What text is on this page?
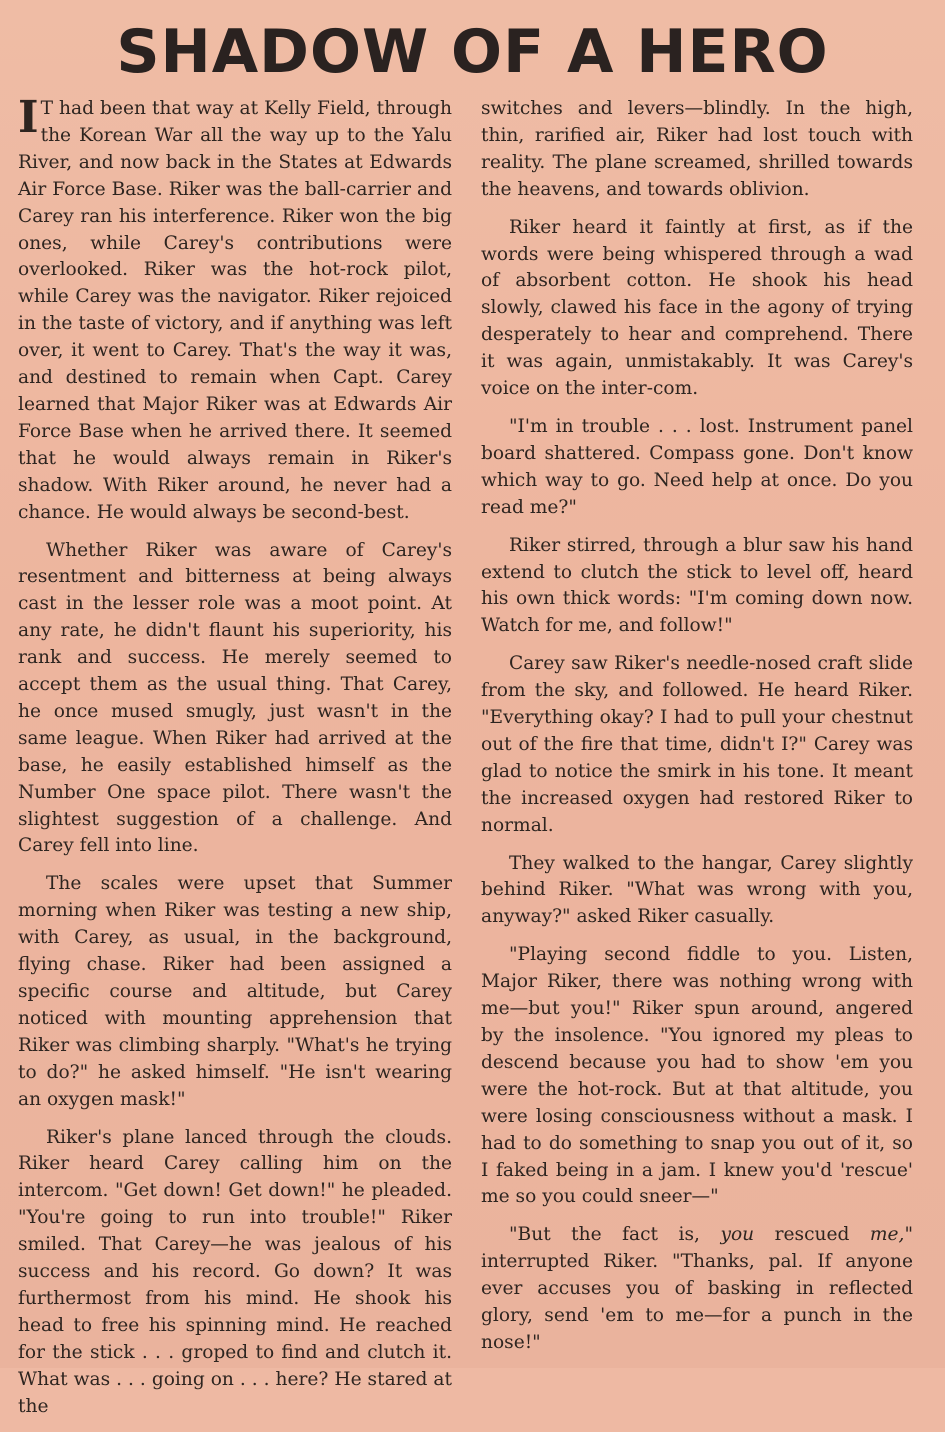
SHADOW OF A HERO

I T had been that way at Kelly Field, through the Korean War all the way up to the Yalu River, and now back in the States at Edwards Air Force Base. Riker was the ball-carrier and Carey ran his interference. Riker won the big ones, while Carey's contributions were overlooked. Riker was the hot-rock pilot, while Carey was the navigator. Riker rejoiced in the taste of victory, and if anything was left over, it went to Carey. That's the way it was, and destined to remain when Capt. Carey learned that Major Riker was at Edwards Air Force Base when he arrived there. It seemed that he would always remain in Riker's shadow. With Riker around, he never had a chance. He would always be second-best.

Whether Riker was aware of Carey's resentment and bitterness at being always cast in the lesser role was a moot point. At any rate, he didn't flaunt his superiority, his rank and success. He merely seemed to accept them as the usual thing. That Carey, he once mused smugly, just wasn't in the same league. When Riker had arrived at the base, he easily established himself as the Number One space pilot. There wasn't the slightest suggestion of a challenge. And Carey fell into line.

The scales were upset that Summer morning when Riker was testing a new ship, with Carey, as usual, in the background, flying chase. Riker had been assigned a specific course and altitude, but Carey noticed with mounting apprehension that Riker was climbing sharply. "What's he trying to do?" he asked himself. "He isn't wearing an oxygen mask!"

Riker's plane lanced through the clouds. Riker heard Carey calling him on the intercom. "Get down! Get down!" he pleaded. "You're going to run into trouble!" Riker smiled. That Carey—he was jealous of his success and his record. Go down? It was furthermost from his mind. He shook his head to free his spinning mind. He reached for the stick . . . groped to find and clutch it. What was . . . going on . . . here? He stared at the

switches and levers—blindly. In the high, thin, rarified air, Riker had lost touch with reality. The plane screamed, shrilled towards the heavens, and towards oblivion.

Riker heard it faintly at first, as if the words were being whispered through a wad of absorbent cotton. He shook his head slowly, clawed his face in the agony of trying desperately to hear and comprehend. There it was again, unmistakably. It was Carey's voice on the inter-com.

"I'm in trouble . . . lost. Instrument panel board shattered. Compass gone. Don't know which way to go. Need help at once. Do you read me?"

Riker stirred, through a blur saw his hand extend to clutch the stick to level off, heard his own thick words: "I'm coming down now. Watch for me, and follow!"

Carey saw Riker's needle-nosed craft slide from the sky, and followed. He heard Riker. "Everything okay? I had to pull your chestnut out of the fire that time, didn't I?" Carey was glad to notice the smirk in his tone. It meant the increased oxygen had restored Riker to normal.

They walked to the hangar, Carey slightly behind Riker. "What was wrong with you, anyway?" asked Riker casually.

"Playing second fiddle to you. Listen, Major Riker, there was nothing wrong with me—but you!" Riker spun around, angered by the insolence. "You ignored my pleas to descend because you had to show 'em you were the hot-rock. But at that altitude, you were losing consciousness without a mask. I had to do something to snap you out of it, so I faked being in a jam. I knew you'd 'rescue' me so you could sneer—"

"But the fact is, you rescued me," interrupted Riker. "Thanks, pal. If anyone ever accuses you of basking in reflected glory, send 'em to me—for a punch in the nose!"
